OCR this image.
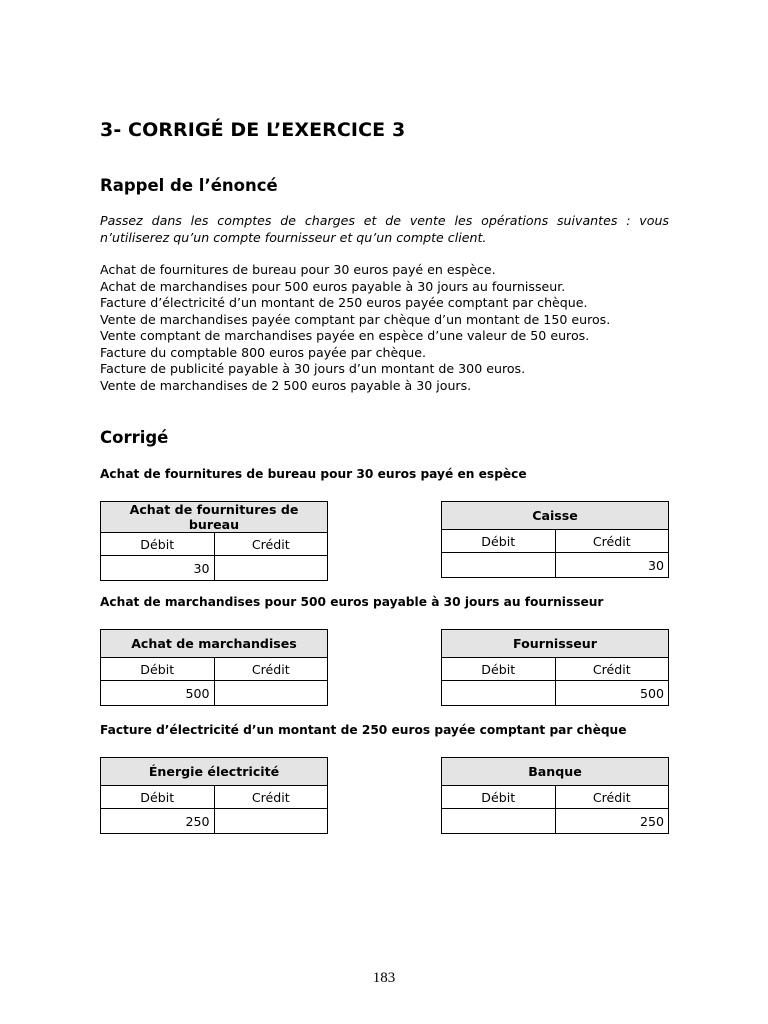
3- CORRIGÉ DE L’EXERCICE 3
Rappel de l’énoncé
Passez dans les comptes de charges et de vente les opérations suivantes : vous n’utiliserez qu’un compte fournisseur et qu’un compte client.
Achat de fournitures de bureau pour 30 euros payé en espèce.
Achat de marchandises pour 500 euros payable à 30 jours au fournisseur.
Facture d’électricité d’un montant de 250 euros payée comptant par chèque.
Vente de marchandises payée comptant par chèque d’un montant de 150 euros.
Vente comptant de marchandises payée en espèce d’une valeur de 50 euros.
Facture du comptable 800 euros payée par chèque.
Facture de publicité payable à 30 jours d’un montant de 300 euros.
Vente de marchandises de 2 500 euros payable à 30 jours.
Corrigé
Achat de fournitures de bureau pour 30 euros payé en espèce
Achat de fournitures de bureau	
Débit	Crédit
30	
Caisse	
Débit	Crédit
	30
Achat de marchandises pour 500 euros payable à 30 jours au fournisseur
Achat de marchandises	
Débit	Crédit
500	
Fournisseur	
Débit	Crédit
	500
Facture d’électricité d’un montant de 250 euros payée comptant par chèque
Énergie électricité	
Débit	Crédit
250	
Banque	
Débit	Crédit
	250
183
